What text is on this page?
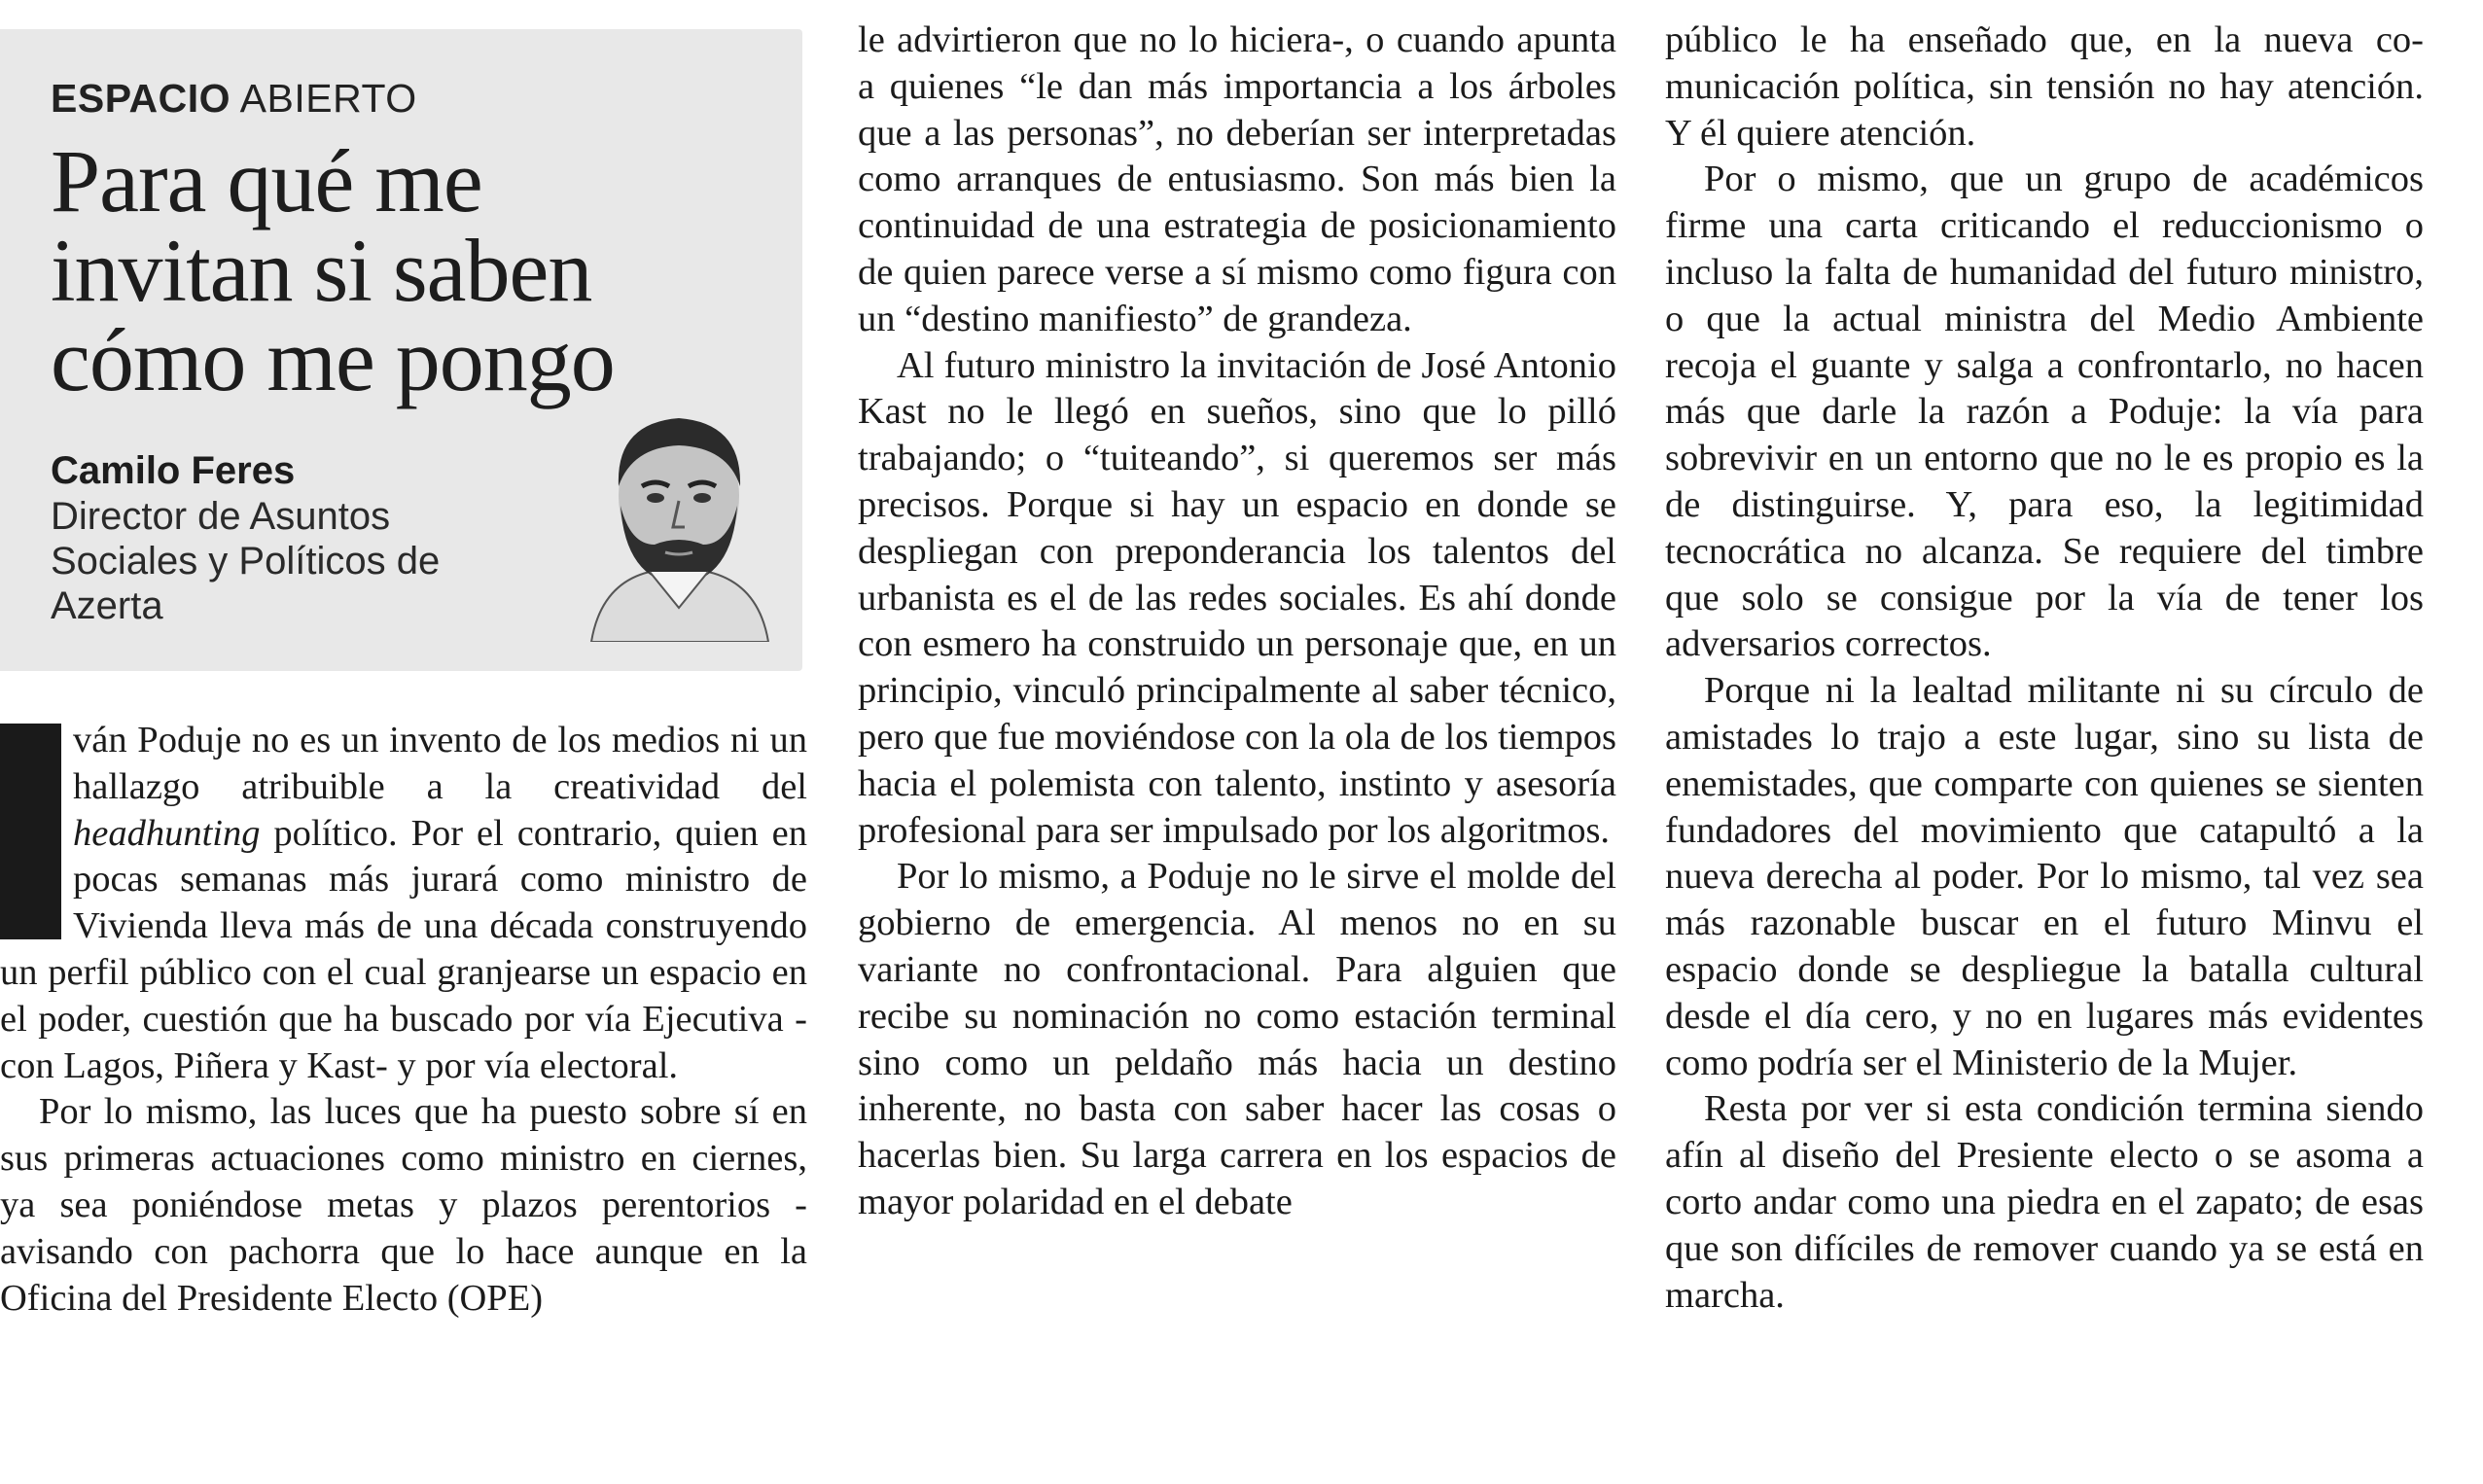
ESPACIO ABIERTO
Para qué me
invitan si saben
cómo me pongo
Camilo Feres
Director de Asuntos
Sociales y Políticos de
Azerta

ván Poduje no es un invento de los medios ni un hallazgo atribuible a la creatividad del headhunting político. Por el contrario, quien en pocas semanas más jurará como ministro de Vivienda lleva más de una década construyendo un perfil público con el cual granjearse un espacio en el poder, cuestión que ha buscado por vía Ejecutiva -con Lagos, Piñera y Kast- y por vía electoral.

Por lo mismo, las luces que ha puesto sobre sí en sus primeras actuaciones como ministro en ciernes, ya sea poniéndose metas y plazos perentorios -avisando con pachorra que lo hace aunque en la Oficina del Presidente Electo (OPE)

le advirtieron que no lo hiciera-, o cuando apunta a quienes “le dan más importancia a los árboles que a las personas”, no deberían ser interpretadas como arranques de entusiasmo. Son más bien la continuidad de una estrategia de posicionamiento de quien parece verse a sí mismo como figura con un “destino manifiesto” de grandeza.

Al futuro ministro la invitación de José Antonio Kast no le llegó en sueños, sino que lo pilló trabajando; o “tuiteando”, si queremos ser más precisos. Porque si hay un espacio en donde se despliegan con preponderancia los talentos del urbanista es el de las redes sociales. Es ahí donde con esmero ha construido un personaje que, en un principio, vinculó principalmente al saber técnico, pero que fue moviéndose con la ola de los tiempos hacia el polemista con talento, instinto y asesoría profesional para ser impulsado por los algoritmos.

Por lo mismo, a Poduje no le sirve el molde del gobierno de emergencia. Al menos no en su variante no confrontacional. Para alguien que recibe su nominación no como estación terminal sino como un peldaño más hacia un destino inherente, no basta con saber hacer las cosas o hacerlas bien. Su larga carrera en los espacios de mayor polaridad en el debate

público le ha enseñado que, en la nueva comunicación política, sin tensión no hay atención. Y él quiere atención.

Por o mismo, que un grupo de académicos firme una carta criticando el reduccionismo o incluso la falta de humanidad del futuro ministro, o que la actual ministra del Medio Ambiente recoja el guante y salga a confrontarlo, no hacen más que darle la razón a Poduje: la vía para sobrevivir en un entorno que no le es propio es la de distinguirse. Y, para eso, la legitimidad tecnocrática no alcanza. Se requiere del timbre que solo se consigue por la vía de tener los adversarios correctos.

Porque ni la lealtad militante ni su círculo de amistades lo trajo a este lugar, sino su lista de enemistades, que comparte con quienes se sienten fundadores del movimiento que catapultó a la nueva derecha al poder. Por lo mismo, tal vez sea más razonable buscar en el futuro Minvu el espacio donde se despliegue la batalla cultural desde el día cero, y no en lugares más evidentes como podría ser el Ministerio de la Mujer.

Resta por ver si esta condición termina siendo afín al diseño del Presiente electo o se asoma a corto andar como una piedra en el zapato; de esas que son difíciles de remover cuando ya se está en marcha.
